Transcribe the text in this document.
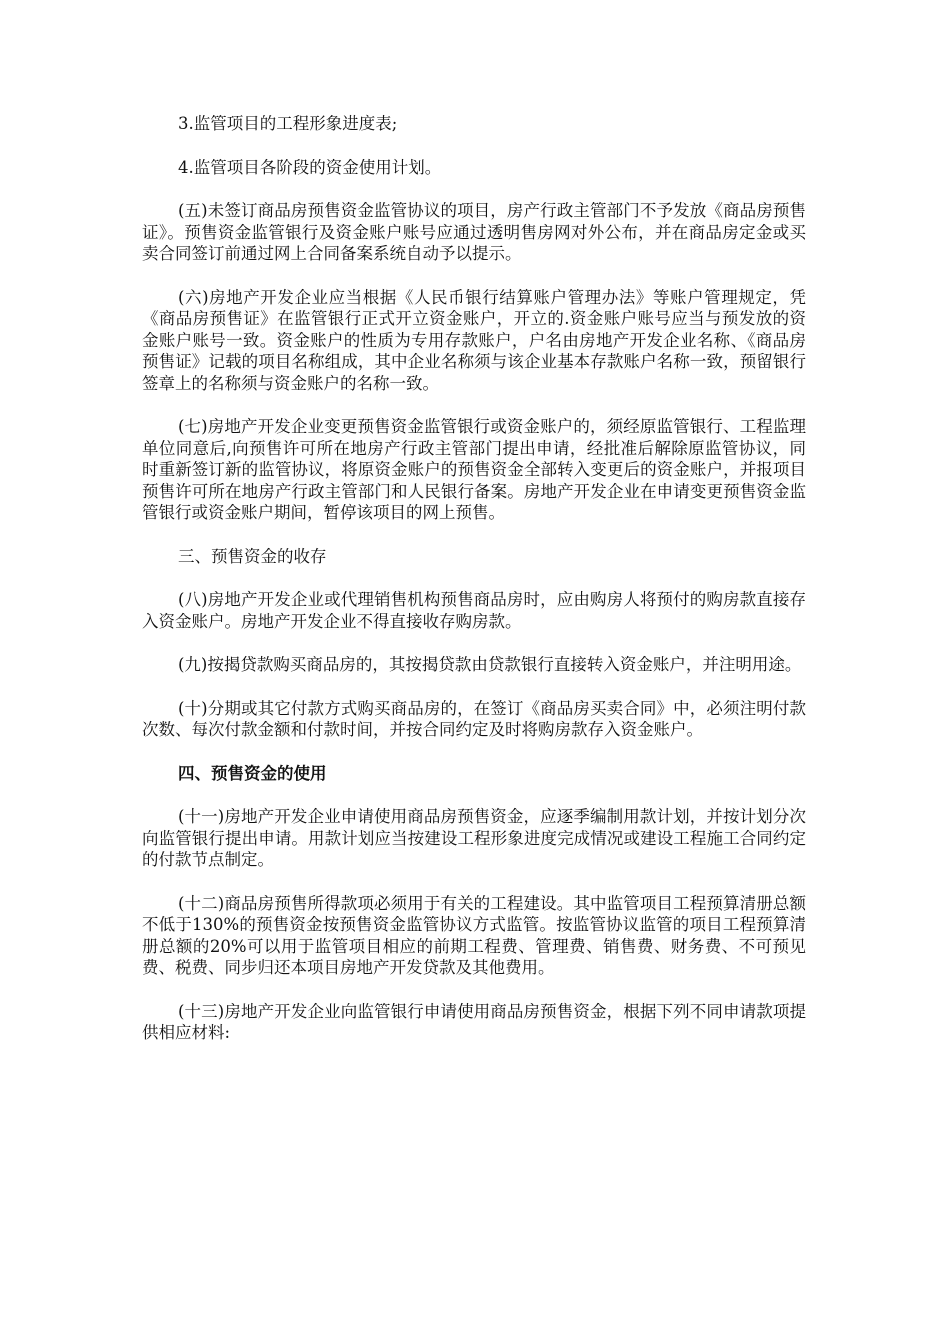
3.监管项目的工程形象进度表;

4.监管项目各阶段的资金使用计划。

(五)未签订商品房预售资金监管协议的项目，房产行政主管部门不予发放《商品房预售证》。预售资金监管银行及资金账户账号应通过透明售房网对外公布，并在商品房定金或买卖合同签订前通过网上合同备案系统自动予以提示。

(六)房地产开发企业应当根据《人民币银行结算账户管理办法》等账户管理规定，凭《商品房预售证》在监管银行正式开立资金账户，开立的.资金账户账号应当与预发放的资金账户账号一致。资金账户的性质为专用存款账户，户名由房地产开发企业名称、《商品房预售证》记载的项目名称组成，其中企业名称须与该企业基本存款账户名称一致，预留银行签章上的名称须与资金账户的名称一致。

(七)房地产开发企业变更预售资金监管银行或资金账户的，须经原监管银行、工程监理单位同意后,向预售许可所在地房产行政主管部门提出申请，经批准后解除原监管协议，同时重新签订新的监管协议，将原资金账户的预售资金全部转入变更后的资金账户，并报项目预售许可所在地房产行政主管部门和人民银行备案。房地产开发企业在申请变更预售资金监管银行或资金账户期间，暂停该项目的网上预售。

三、预售资金的收存

(八)房地产开发企业或代理销售机构预售商品房时，应由购房人将预付的购房款直接存入资金账户。房地产开发企业不得直接收存购房款。

(九)按揭贷款购买商品房的，其按揭贷款由贷款银行直接转入资金账户，并注明用途。

(十)分期或其它付款方式购买商品房的，在签订《商品房买卖合同》中，必须注明付款次数、每次付款金额和付款时间，并按合同约定及时将购房款存入资金账户。

四、预售资金的使用

(十一)房地产开发企业申请使用商品房预售资金，应逐季编制用款计划，并按计划分次向监管银行提出申请。用款计划应当按建设工程形象进度完成情况或建设工程施工合同约定的付款节点制定。

(十二)商品房预售所得款项必须用于有关的工程建设。其中监管项目工程预算清册总额不低于130%的预售资金按预售资金监管协议方式监管。按监管协议监管的项目工程预算清册总额的20%可以用于监管项目相应的前期工程费、管理费、销售费、财务费、不可预见费、税费、同步归还本项目房地产开发贷款及其他费用。

(十三)房地产开发企业向监管银行申请使用商品房预售资金，根据下列不同申请款项提供相应材料:
